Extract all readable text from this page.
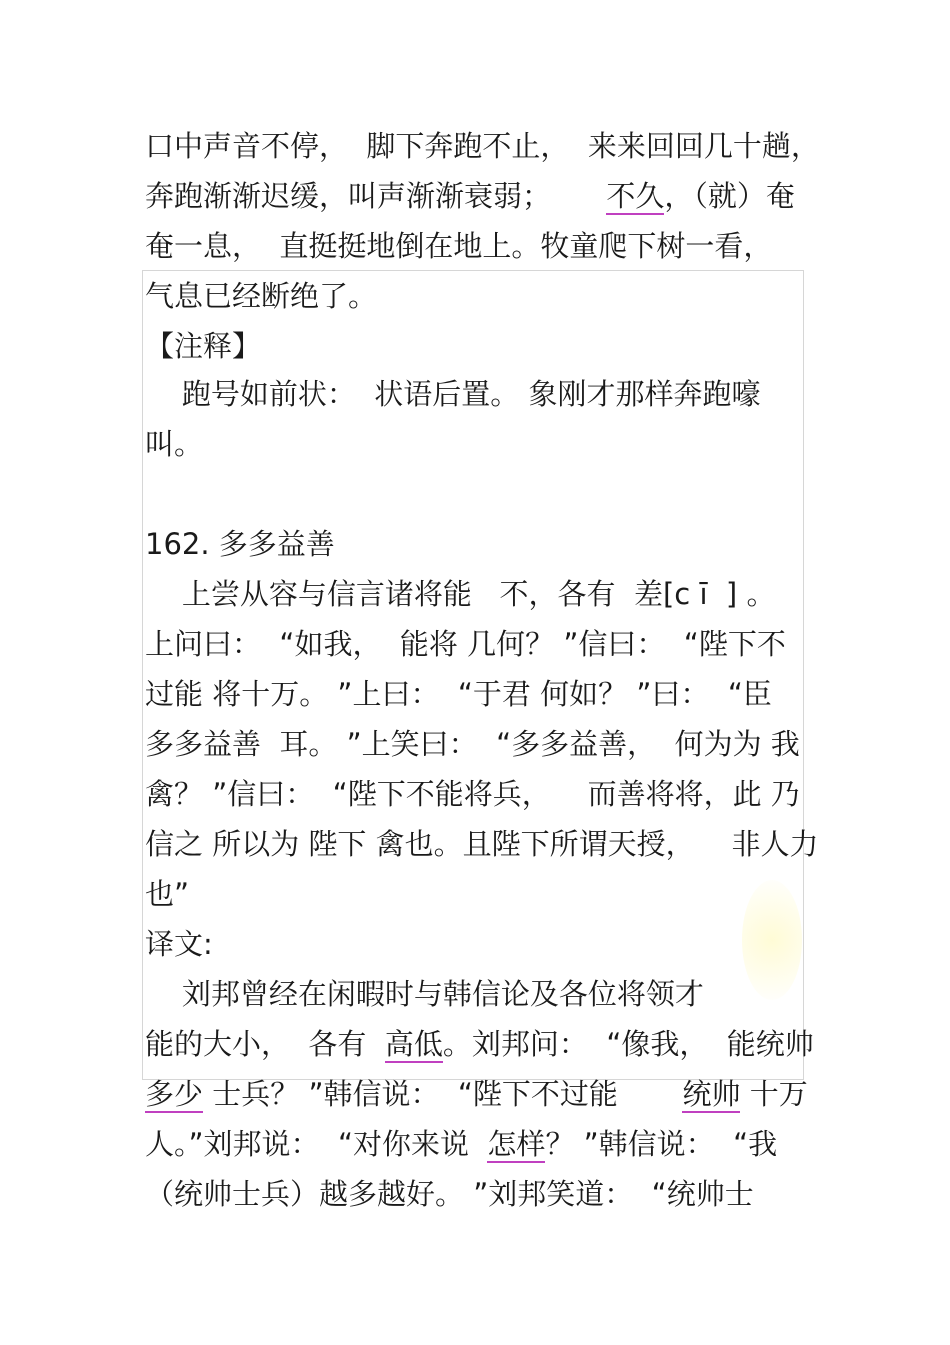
口中声音不停，  脚下奔跑不止，  来来回回几十趟，
奔跑渐渐迟缓，叫声渐渐衰弱；      不久，（就）奄
奄一息，  直挺挺地倒在地上。牧童爬下树一看，
气息已经断绝了。
【注释】
跑号如前状：  状语后置。 象刚才那样奔跑嚎
叫。
162. 多多益善
上尝从容与信言诸将能   不，各有  差[c ī  ] 。
上问曰：  “如我，  能将 几何？ ”信曰：  “陛下不
过能 将十万。 ”上曰：  “于君 何如？ ”曰：  “臣
多多益善  耳。 ”上笑曰：  “多多益善，  何为为 我
禽？ ”信曰：  “陛下不能将兵，    而善将将，此 乃
信之 所以为 陛下 禽也。且陛下所谓天授，    非人力
也”
译文:
刘邦曾经在闲暇时与韩信论及各位将领才
能的大小，  各有  高低。刘邦问：  “像我，  能统帅
多少 士兵？ ”韩信说：  “陛下不过能       统帅 十万
人。”刘邦说：  “对你来说  怎样？ ”韩信说：  “我
（统帅士兵）越多越好。 ”刘邦笑道：  “统帅士
